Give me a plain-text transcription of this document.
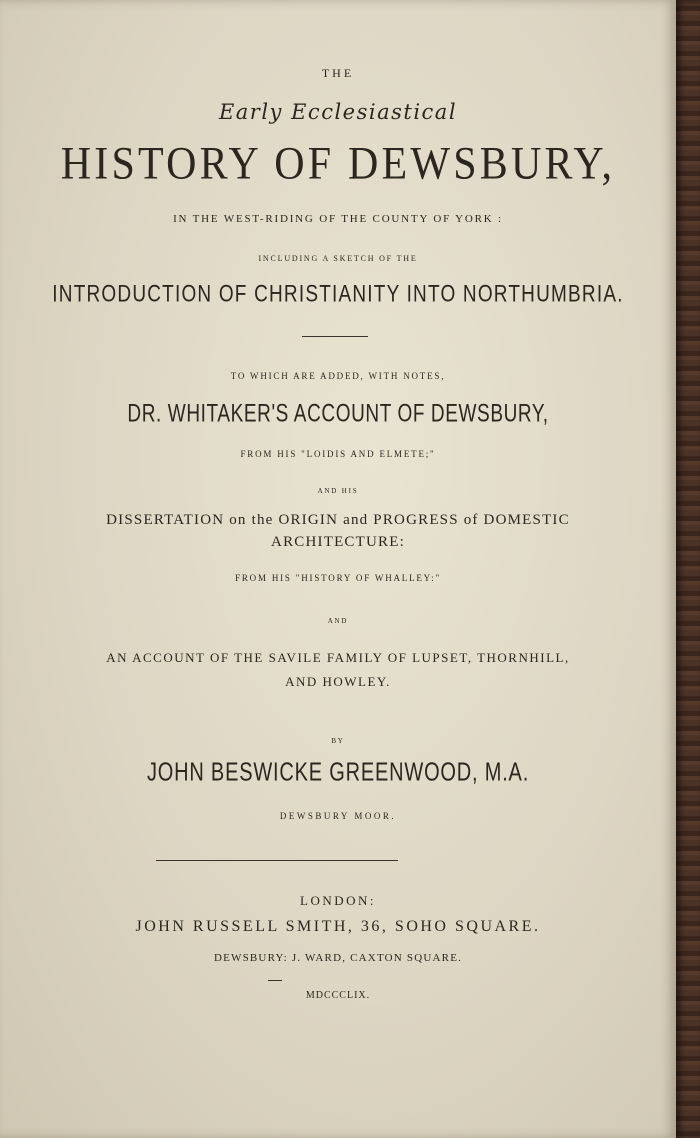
THE
Early Ecclesiastical
HISTORY OF DEWSBURY,
IN THE WEST-RIDING OF THE COUNTY OF YORK :
INCLUDING A SKETCH OF THE
INTRODUCTION OF CHRISTIANITY INTO NORTHUMBRIA.
TO WHICH ARE ADDED, WITH NOTES,
DR. WHITAKER'S ACCOUNT OF DEWSBURY,
FROM HIS "LOIDIS AND ELMETE;"
AND HIS
DISSERTATION on the ORIGIN and PROGRESS of DOMESTIC
ARCHITECTURE:
FROM HIS "HISTORY OF WHALLEY:"
AND
AN ACCOUNT OF THE SAVILE FAMILY OF LUPSET, THORNHILL,
AND HOWLEY.
BY
JOHN BESWICKE GREENWOOD, M.A.
DEWSBURY MOOR.
LONDON:
JOHN RUSSELL SMITH, 36, SOHO SQUARE.
DEWSBURY: J. WARD, CAXTON SQUARE.
MDCCCLIX.
